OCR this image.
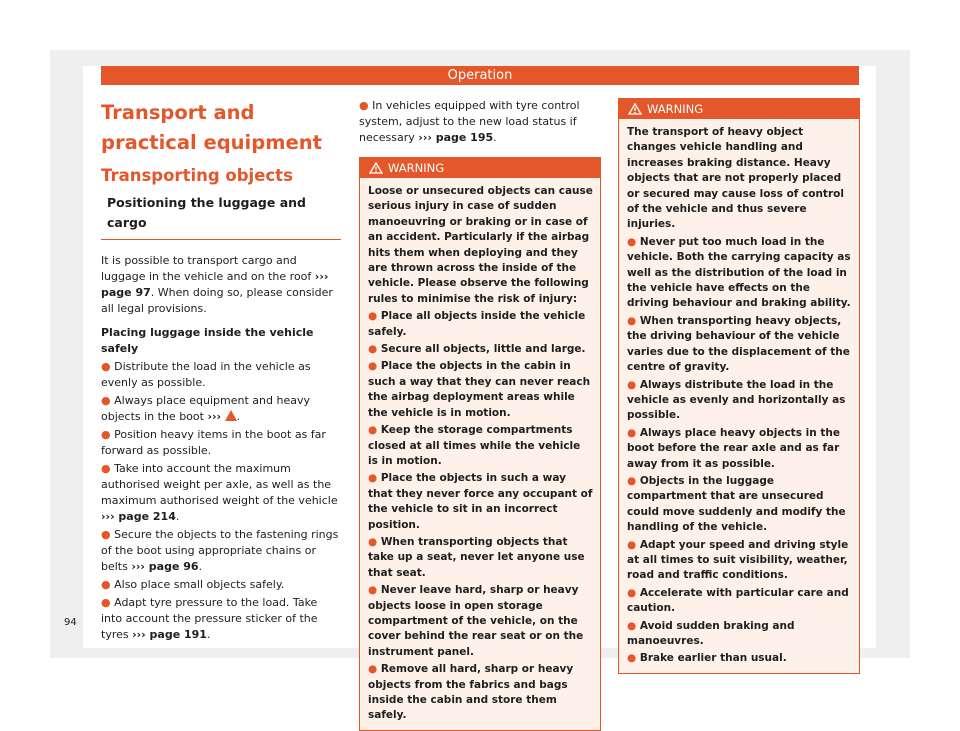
Operation
Transport and practical equipment
Transporting objects
Positioning the luggage and cargo

It is possible to transport cargo and luggage in the vehicle and on the roof ››› page 97. When doing so, please consider all legal provisions.

Placing luggage inside the vehicle safely

● Distribute the load in the vehicle as evenly as possible.

● Always place equipment and heavy objects in the boot ››› .

● Position heavy items in the boot as far forward as possible.

● Take into account the maximum authorised weight per axle, as well as the maximum authorised weight of the vehicle ››› page 214.

● Secure the objects to the fastening rings of the boot using appropriate chains or belts ››› page 96.

● Also place small objects safely.

● Adapt tyre pressure to the load. Take into account the pressure sticker of the tyres ››› page 191.

● In vehicles equipped with tyre control system, adjust to the new load status if necessary ››› page 195.

WARNING

Loose or unsecured objects can cause serious injury in case of sudden manoeuvring or braking or in case of an accident. Particularly if the airbag hits them when deploying and they are thrown across the inside of the vehicle. Please observe the following rules to minimise the risk of injury:

● Place all objects inside the vehicle safely.

● Secure all objects, little and large.

● Place the objects in the cabin in such a way that they can never reach the airbag deployment areas while the vehicle is in motion.

● Keep the storage compartments closed at all times while the vehicle is in motion.

● Place the objects in such a way that they never force any occupant of the vehicle to sit in an incorrect position.

● When transporting objects that take up a seat, never let anyone use that seat.

● Never leave hard, sharp or heavy objects loose in open storage compartment of the vehicle, on the cover behind the rear seat or on the instrument panel.

● Remove all hard, sharp or heavy objects from the fabrics and bags inside the cabin and store them safely.

WARNING

The transport of heavy object changes vehicle handling and increases braking distance. Heavy objects that are not properly placed or secured may cause loss of control of the vehicle and thus severe injuries.

● Never put too much load in the vehicle. Both the carrying capacity as well as the distribution of the load in the vehicle have effects on the driving behaviour and braking ability.

● When transporting heavy objects, the driving behaviour of the vehicle varies due to the displacement of the centre of gravity.

● Always distribute the load in the vehicle as evenly and horizontally as possible.

● Always place heavy objects in the boot before the rear axle and as far away from it as possible.

● Objects in the luggage compartment that are unsecured could move suddenly and modify the handling of the vehicle.

● Adapt your speed and driving style at all times to suit visibility, weather, road and traffic conditions.

● Accelerate with particular care and caution.

● Avoid sudden braking and manoeuvres.

● Brake earlier than usual.

94
